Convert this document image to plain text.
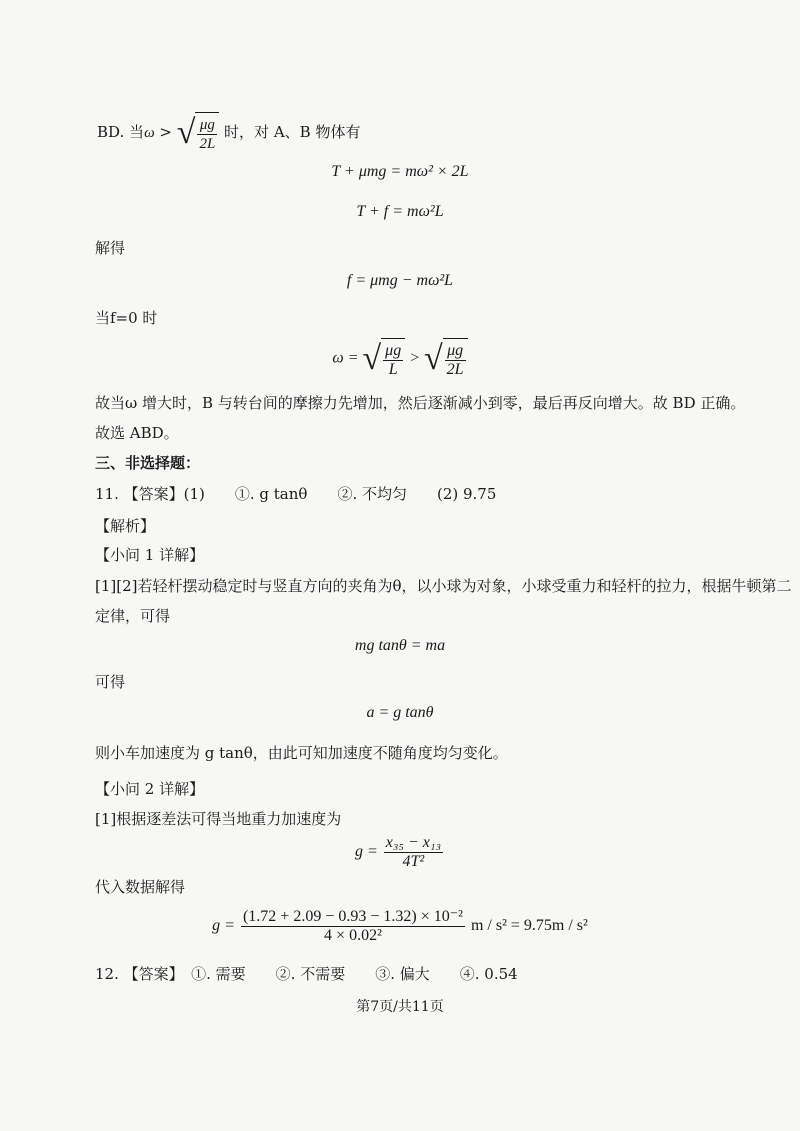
BD. 当ω > √ $\frac{\mu g}{2L}$ 时，对 A、B 物体有
T + μmg = mω² × 2L
T + f = mω²L
解得
f = μmg − mω²L
当f=0 时
ω = √ $\frac{\mu g}{L}$ > √ $\frac{\mu g}{2L}$
故当ω 增大时，B 与转台间的摩擦力先增加，然后逐渐减小到零，最后再反向增大。故 BD 正确。
故选 ABD。
三、非选择题：
11. 【答案】(1)　　①. g tanθ　　②. 不均匀　　(2) 9.75
【解析】
【小问 1 详解】
[1][2]若轻杆摆动稳定时与竖直方向的夹角为θ，以小球为对象，小球受重力和轻杆的拉力，根据牛顿第二
定律，可得
mg tanθ = ma
可得
a = g tanθ
则小车加速度为 g tanθ，由此可知加速度不随角度均匀变化。
【小问 2 详解】
[1]根据逐差法可得当地重力加速度为
$g = \frac{\text{x₃₅ − x₁₃}}{\text{4T²}}$
代入数据解得
$g = \frac{\text{(1.72 + 2.09 − 0.93 − 1.32) × 10⁻²}}{\text{4 × 0.02²}}$ m / s² = 9.75m / s²
12. 【答案】　①. 需要　　②. 不需要　　③. 偏大　　④. 0.54
第7页/共11页
